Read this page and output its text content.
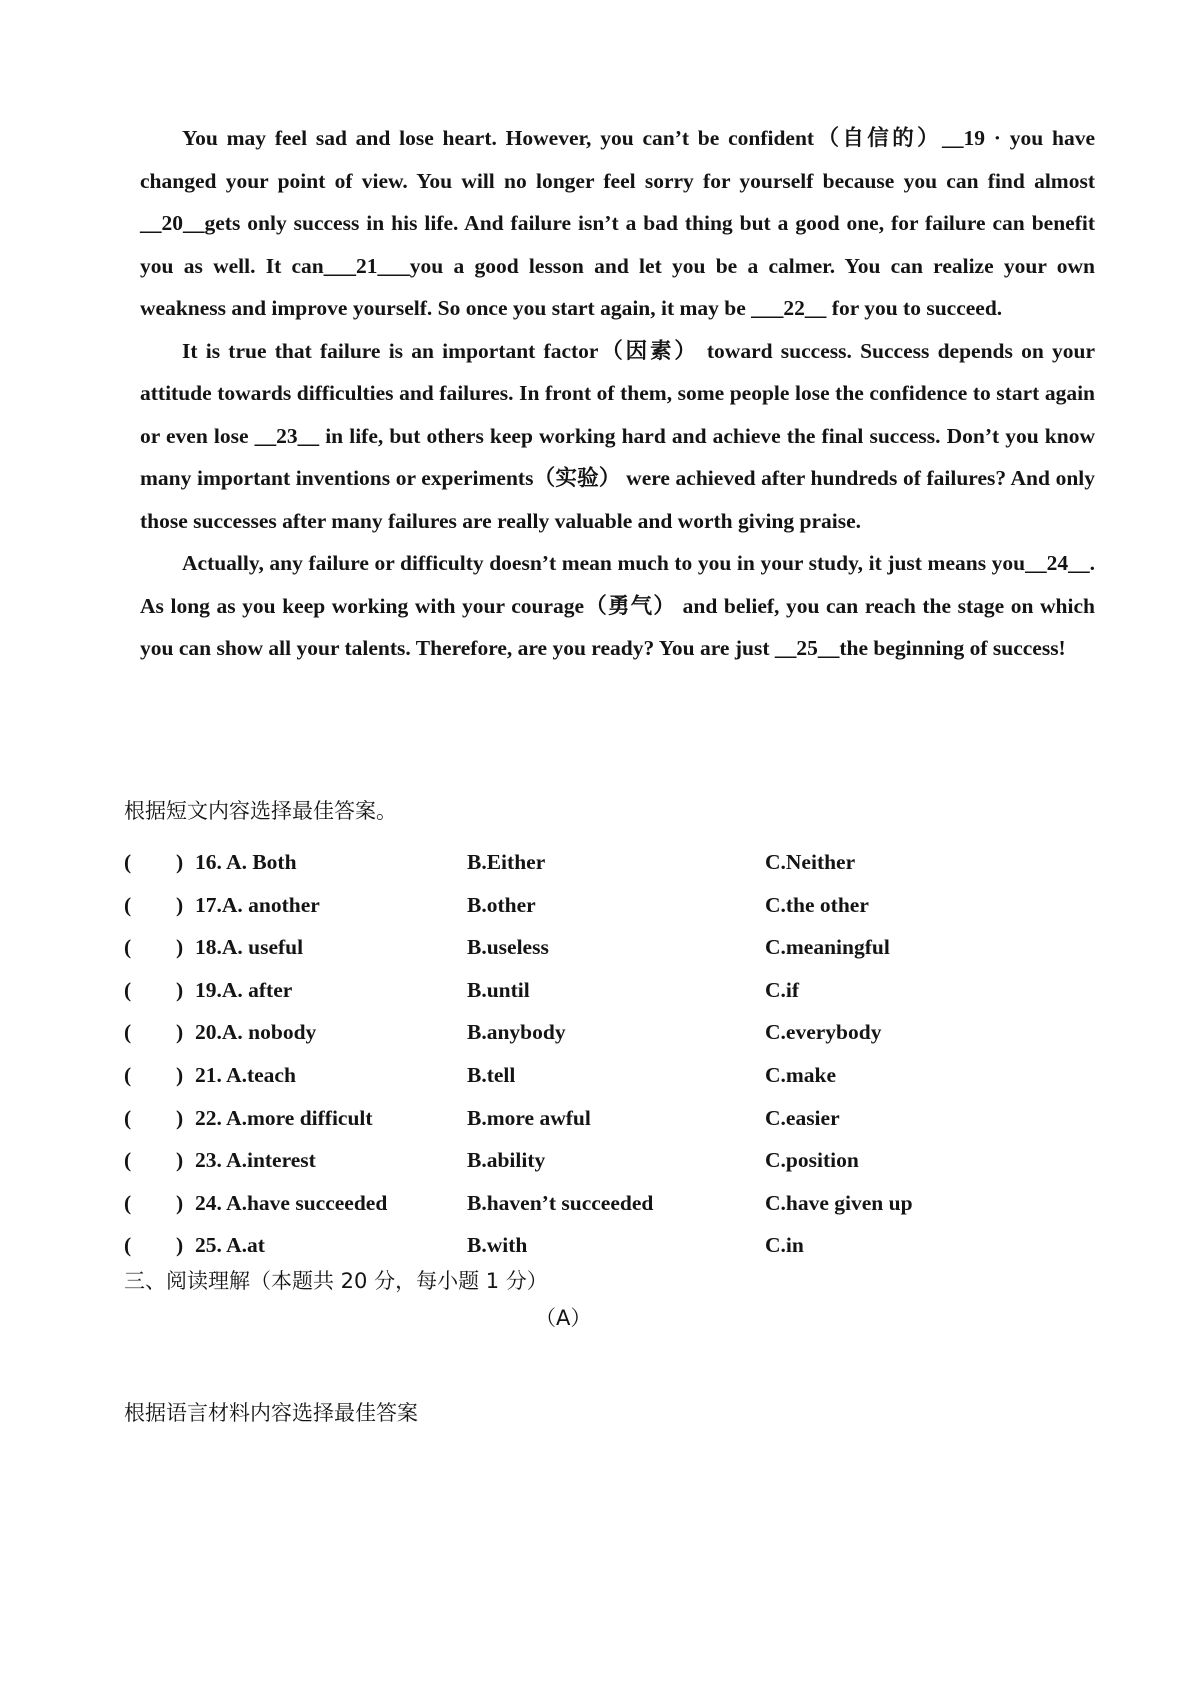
You may feel sad and lose heart. However, you can’t be confident（自信的）__19 · you have changed your point of view. You will no longer feel sorry for yourself because you can find almost __20__gets only success in his life. And failure isn’t a bad thing but a good one, for failure can benefit you as well. It can___21___you a good lesson and let you be a calmer. You can realize your own weakness and improve yourself. So once you start again, it may be ___22__ for you to succeed.

It is true that failure is an important factor（因素） toward success. Success depends on your attitude towards difficulties and failures. In front of them, some people lose the confidence to start again or even lose __23__ in life, but others keep working hard and achieve the final success. Don’t you know many important inventions or experiments（实验） were achieved after hundreds of failures? And only those successes after many failures are really valuable and worth giving praise.

Actually, any failure or difficulty doesn’t mean much to you in your study, it just means you__24__. As long as you keep working with your courage（勇气） and belief, you can reach the stage on which you can show all your talents. Therefore, are you ready? You are just __25__the beginning of success!

根据短文内容选择最佳答案。
( ) 16. A. Both	B.Either	C.Neither
( ) 17.A. another	B.other	C.the other
( ) 18.A. useful	B.useless	C.meaningful
( ) 19.A. after	B.until	C.if
( ) 20.A. nobody	B.anybody	C.everybody
( ) 21. A.teach	B.tell	C.make
( ) 22. A.more difficult	B.more awful	C.easier
( ) 23. A.interest	B.ability	C.position
( ) 24. A.have succeeded	B.haven’t succeeded	C.have given up
( ) 25. A.at	B.with	C.in
三、阅读理解（本题共 20 分，每小题 1 分）
（A）
根据语言材料内容选择最佳答案
